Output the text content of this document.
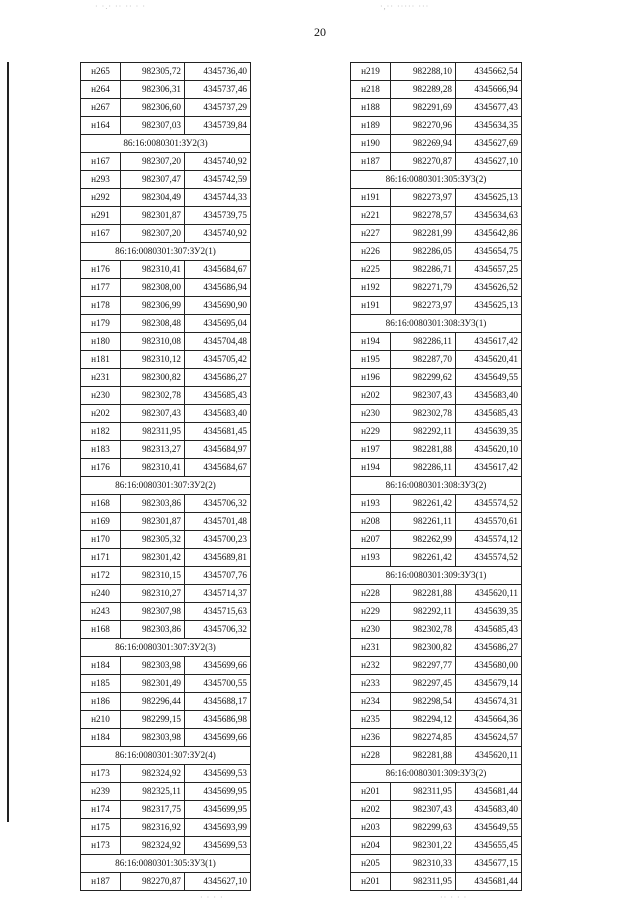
· ·.· ·· ·· · ·	·,·· ····· ···
20
н265	982305,72	4345736,40
н264	982306,31	4345737,46
н267	982306,60	4345737,29
н164	982307,03	4345739,84
86:16:0080301:ЗУ2(3)		
н167	982307,20	4345740,92
н293	982307,47	4345742,59
н292	982304,49	4345744,33
н291	982301,87	4345739,75
н167	982307,20	4345740,92
86:16:0080301:307:ЗУ2(1)		
н176	982310,41	4345684,67
н177	982308,00	4345686,94
н178	982306,99	4345690,90
н179	982308,48	4345695,04
н180	982310,08	4345704,48
н181	982310,12	4345705,42
н231	982300,82	4345686,27
н230	982302,78	4345685,43
н202	982307,43	4345683,40
н182	982311,95	4345681,45
н183	982313,27	4345684,97
н176	982310,41	4345684,67
86:16:0080301:307:ЗУ2(2)		
н168	982303,86	4345706,32
н169	982301,87	4345701,48
н170	982305,32	4345700,23
н171	982301,42	4345689,81
н172	982310,15	4345707,76
н240	982310,27	4345714,37
н243	982307,98	4345715,63
н168	982303,86	4345706,32
86:16:0080301:307:ЗУ2(3)		
н184	982303,98	4345699,66
н185	982301,49	4345700,55
н186	982296,44	4345688,17
н210	982299,15	4345686,98
н184	982303,98	4345699,66
86:16:0080301:307:ЗУ2(4)		
н173	982324,92	4345699,53
н239	982325,11	4345699,95
н174	982317,75	4345699,95
н175	982316,92	4345693,99
н173	982324,92	4345699,53
86:16:0080301:305:ЗУ3(1)		
н187	982270,87	4345627,10
н219	982288,10	4345662,54
н218	982289,28	4345666,94
н188	982291,69	4345677,43
н189	982270,96	4345634,35
н190	982269,94	4345627,69
н187	982270,87	4345627,10
86:16:0080301:305:ЗУ3(2)		
н191	982273,97	4345625,13
н221	982278,57	4345634,63
н227	982281,99	4345642,86
н226	982286,05	4345654,75
н225	982286,71	4345657,25
н192	982271,79	4345626,52
н191	982273,97	4345625,13
86:16:0080301:308:ЗУ3(1)		
н194	982286,11	4345617,42
н195	982287,70	4345620,41
н196	982299,62	4345649,55
н202	982307,43	4345683,40
н230	982302,78	4345685,43
н229	982292,11	4345639,35
н197	982281,88	4345620,10
н194	982286,11	4345617,42
86:16:0080301:308:ЗУ3(2)		
н193	982261,42	4345574,52
н208	982261,11	4345570,61
н207	982262,99	4345574,12
н193	982261,42	4345574,52
86:16:0080301:309:ЗУ3(1)		
н228	982281,88	4345620,11
н229	982292,11	4345639,35
н230	982302,78	4345685,43
н231	982300,82	4345686,27
н232	982297,77	4345680,00
н233	982297,45	4345679,14
н234	982298,54	4345674,31
н235	982294,12	4345664,36
н236	982274,85	4345624,57
н228	982281,88	4345620,11
86:16:0080301:309:ЗУ3(2)		
н201	982311,95	4345681,44
н202	982307,43	4345683,40
н203	982299,63	4345649,55
н204	982301,22	4345655,45
н205	982310,33	4345677,15
н201	982311,95	4345681,44
· · · ·	·· · · ·
